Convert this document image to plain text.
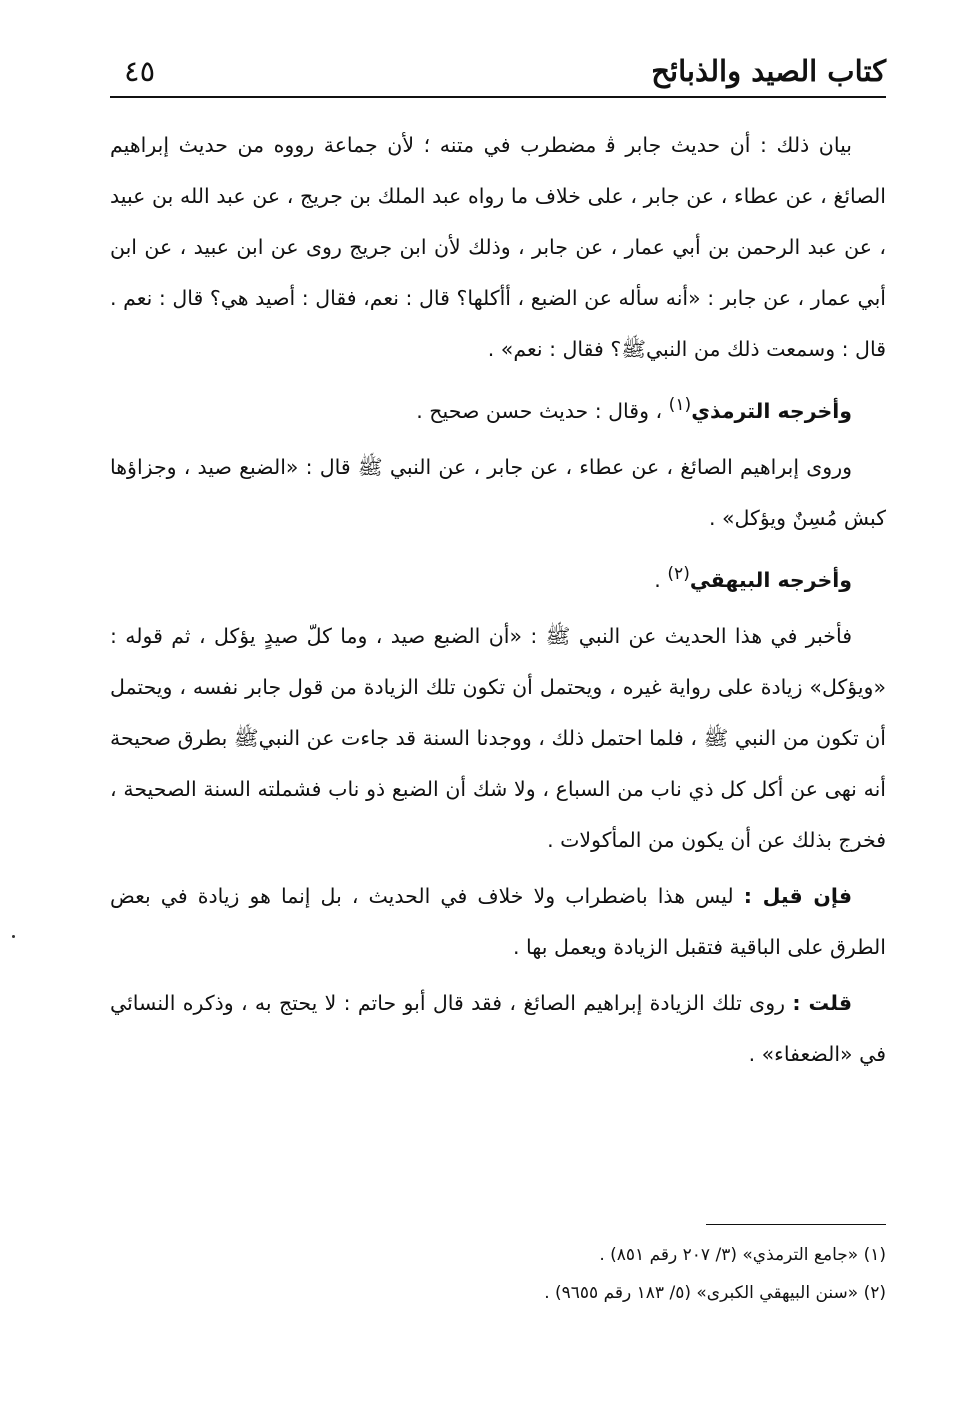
كتاب الصيد والذبائح
٤٥

بيان ذلك : أن حديث جابر ﭬ مضطرب في متنه ؛ لأن جماعة رووه من حديث إبراهيم الصائغ ، عن عطاء ، عن جابر ، على خلاف ما رواه عبد الملك بن جريج ، عن عبد الله بن عبيد ، عن عبد الرحمن بن أبي عمار ، عن جابر ، وذلك لأن ابن جريج روى عن ابن عبيد ، عن ابن أبي عمار ، عن جابر : «أنه سأله عن الضبع ، أأكلها؟ قال : نعم، فقال : أصيد هي؟ قال : نعم . قال : وسمعت ذلك من النبيﷺ؟ فقال : نعم» .

وأخرجه الترمذي$^{(١)}$ ، وقال : حديث حسن صحيح .

وروى إبراهيم الصائغ ، عن عطاء ، عن جابر ، عن النبي ﷺ قال : «الضبع صيد ، وجزاؤها كبش مُسِنٌ ويؤكل» .

وأخرجه البيهقي$^{(٢)}$ .

فأخبر في هذا الحديث عن النبي ﷺ : «أن الضبع صيد ، وما كلّ صيدٍ يؤكل ، ثم قوله : «ويؤكل» زيادة على رواية غيره ، ويحتمل أن تكون تلك الزيادة من قول جابر نفسه ، ويحتمل أن تكون من النبي ﷺ ، فلما احتمل ذلك ، ووجدنا السنة قد جاءت عن النبيﷺ بطرق صحيحة أنه نهى عن أكل كل ذي ناب من السباع ، ولا شك أن الضبع ذو ناب فشملته السنة الصحيحة ، فخرج بذلك عن أن يكون من المأكولات .

فإن قيل : ليس هذا باضطراب ولا خلاف في الحديث ، بل إنما هو زيادة في بعض الطرق على الباقية فتقبل الزيادة ويعمل بها .

قلت : روى تلك الزيادة إبراهيم الصائغ ، فقد قال أبو حاتم : لا يحتج به ، وذكره النسائي في «الضعفاء» .

(١) «جامع الترمذي» (٣/ ٢٠٧ رقم ٨٥١) .
(٢) «سنن البيهقي الكبرى» (٥/ ١٨٣ رقم ٩٦٥٥) .
